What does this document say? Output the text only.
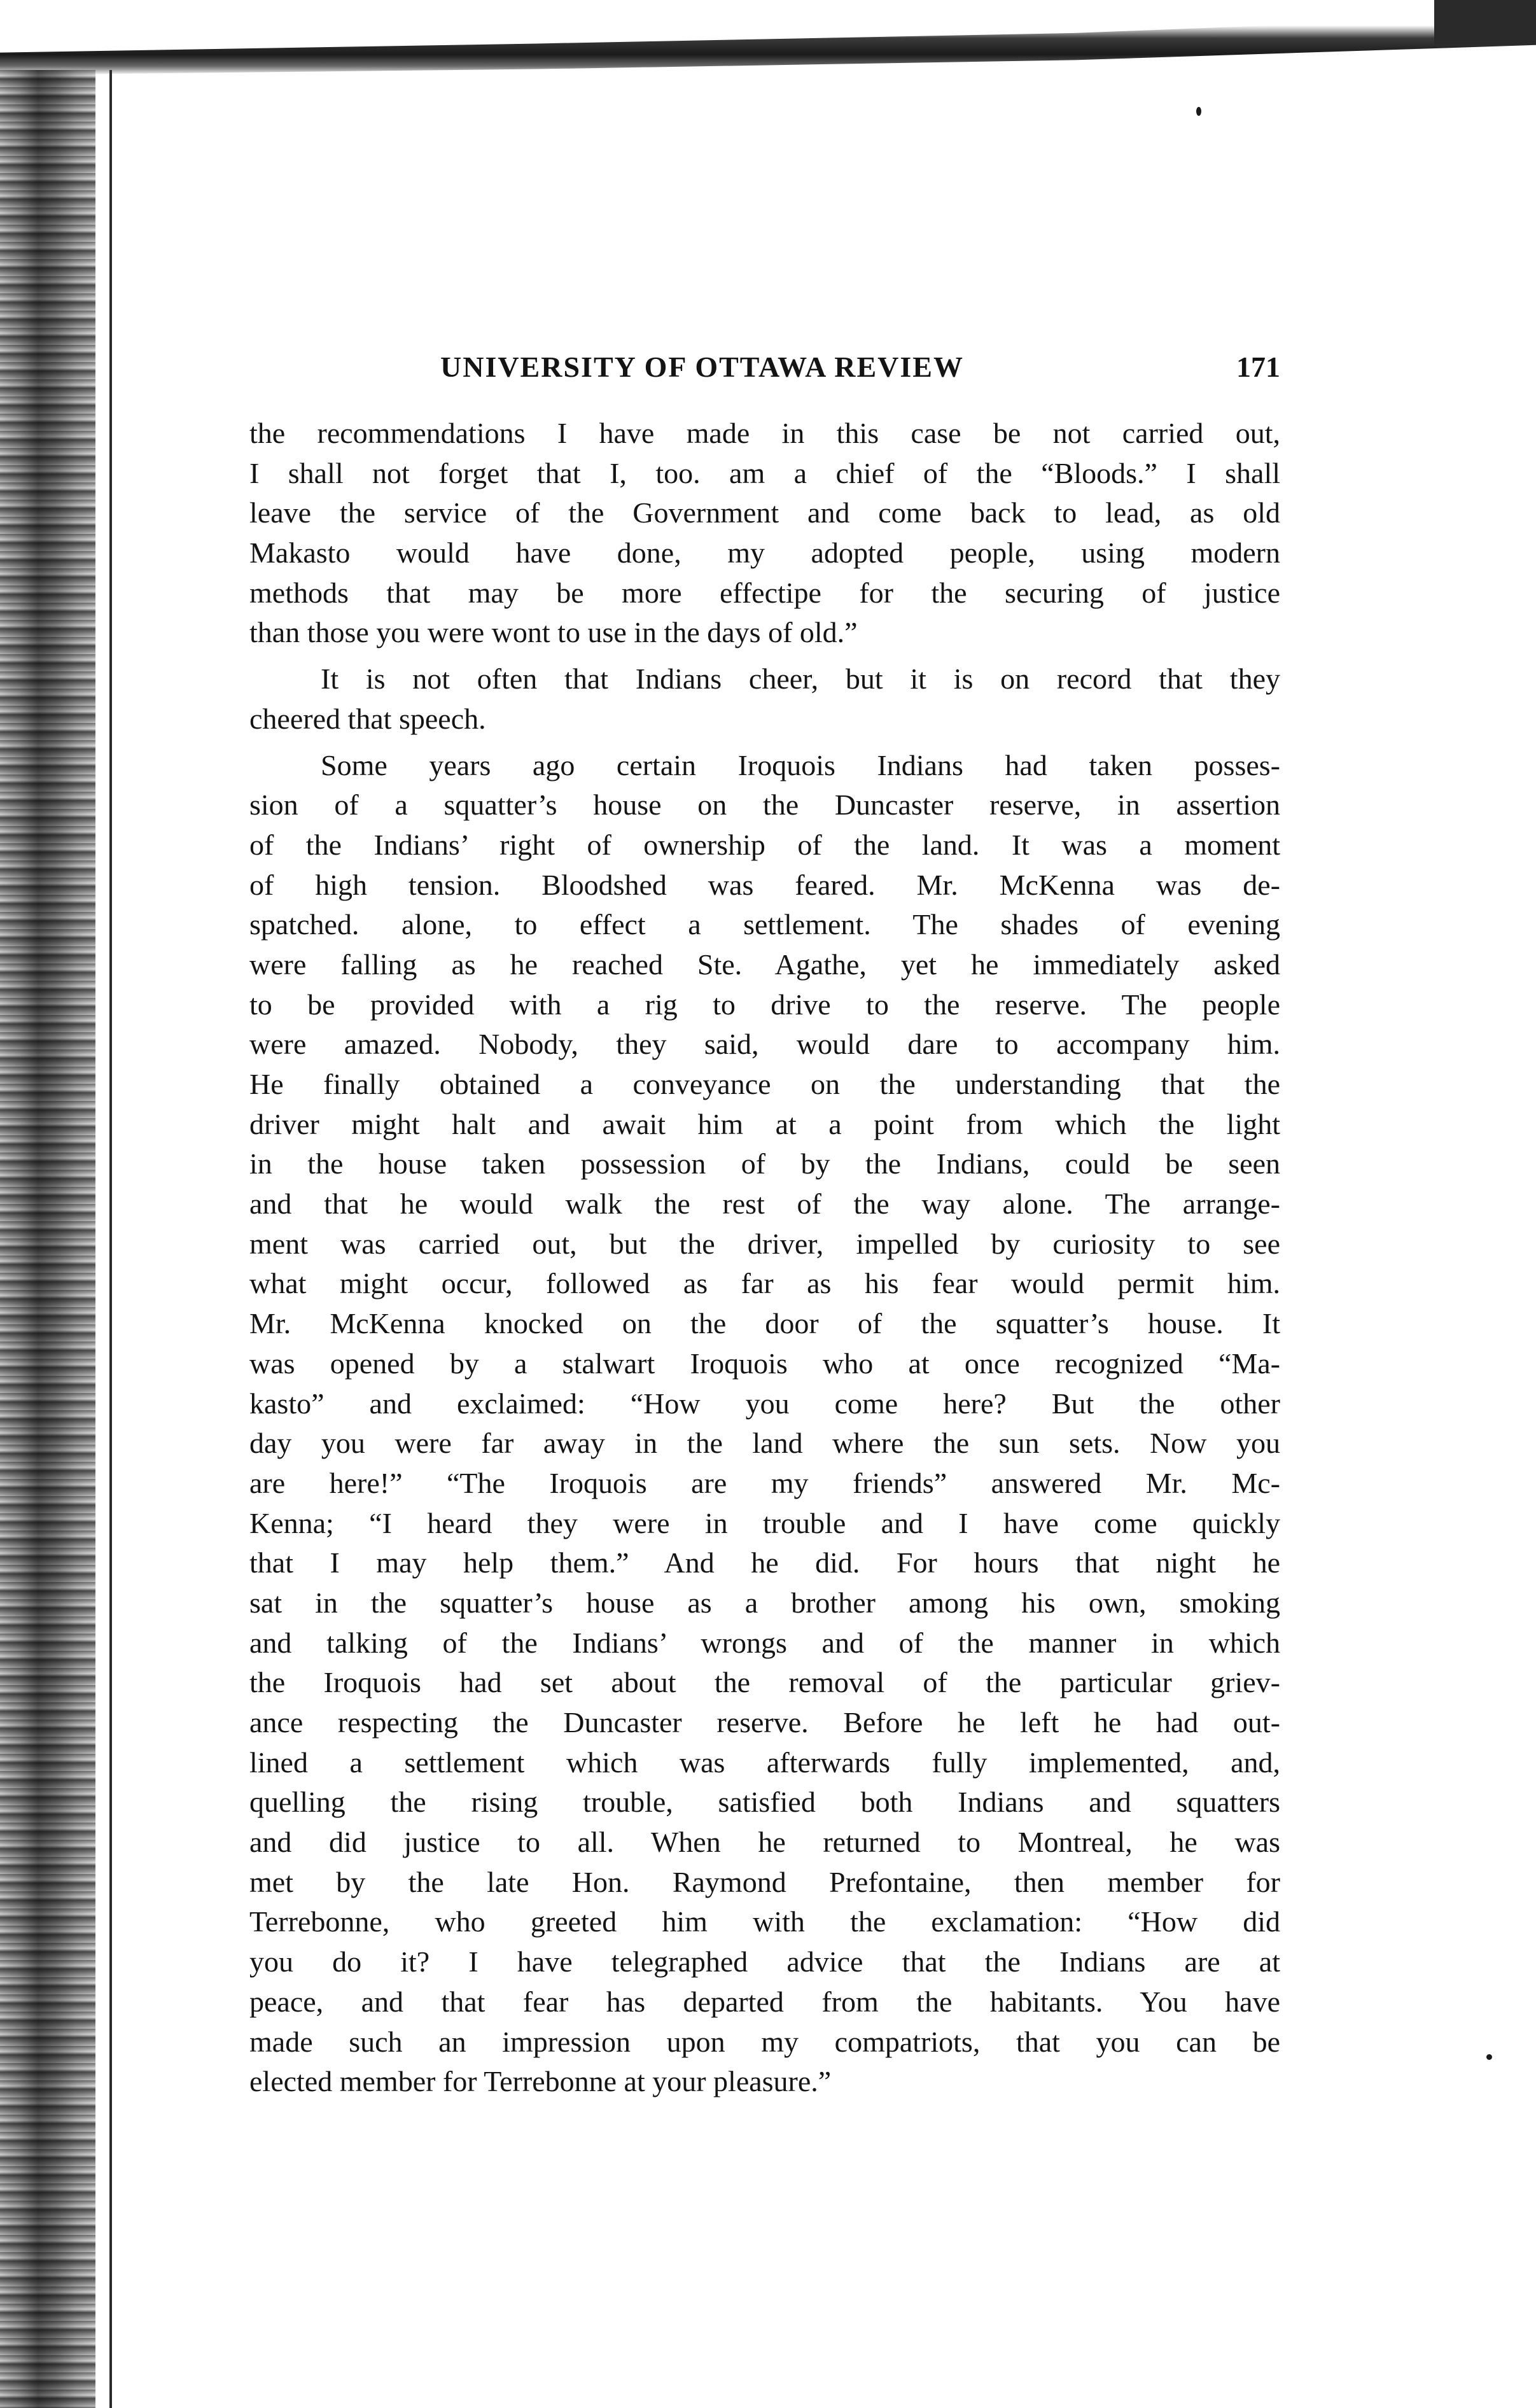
UNIVERSITY OF OTTAWA REVIEW	171
the recommendations I have made in this case be not carried out,
I shall not forget that I, too. am a chief of the “Bloods.” I shall
leave the service of the Government and come back to lead, as old
Makasto would have done, my adopted people, using modern
methods that may be more effectipe for the securing of justice
than those you were wont to use in the days of old.”
It is not often that Indians cheer, but it is on record that they
cheered that speech.
Some years ago certain Iroquois Indians had taken posses-
sion of a squatter’s house on the Duncaster reserve, in assertion
of the Indians’ right of ownership of the land. It was a moment
of high tension. Bloodshed was feared. Mr. McKenna was de-
spatched. alone, to effect a settlement. The shades of evening
were falling as he reached Ste. Agathe, yet he immediately asked
to be provided with a rig to drive to the reserve. The people
were amazed. Nobody, they said, would dare to accompany him.
He finally obtained a conveyance on the understanding that the
driver might halt and await him at a point from which the light
in the house taken possession of by the Indians, could be seen
and that he would walk the rest of the way alone. The arrange-
ment was carried out, but the driver, impelled by curiosity to see
what might occur, followed as far as his fear would permit him.
Mr. McKenna knocked on the door of the squatter’s house. It
was opened by a stalwart Iroquois who at once recognized “Ma-
kasto” and exclaimed: “How you come here? But the other
day you were far away in the land where the sun sets. Now you
are here!” “The Iroquois are my friends” answered Mr. Mc-
Kenna; “I heard they were in trouble and I have come quickly
that I may help them.” And he did. For hours that night he
sat in the squatter’s house as a brother among his own, smoking
and talking of the Indians’ wrongs and of the manner in which
the Iroquois had set about the removal of the particular griev-
ance respecting the Duncaster reserve. Before he left he had out-
lined a settlement which was afterwards fully implemented, and,
quelling the rising trouble, satisfied both Indians and squatters
and did justice to all. When he returned to Montreal, he was
met by the late Hon. Raymond Prefontaine, then member for
Terrebonne, who greeted him with the exclamation: “How did
you do it? I have telegraphed advice that the Indians are at
peace, and that fear has departed from the habitants. You have
made such an impression upon my compatriots, that you can be
elected member for Terrebonne at your pleasure.”
